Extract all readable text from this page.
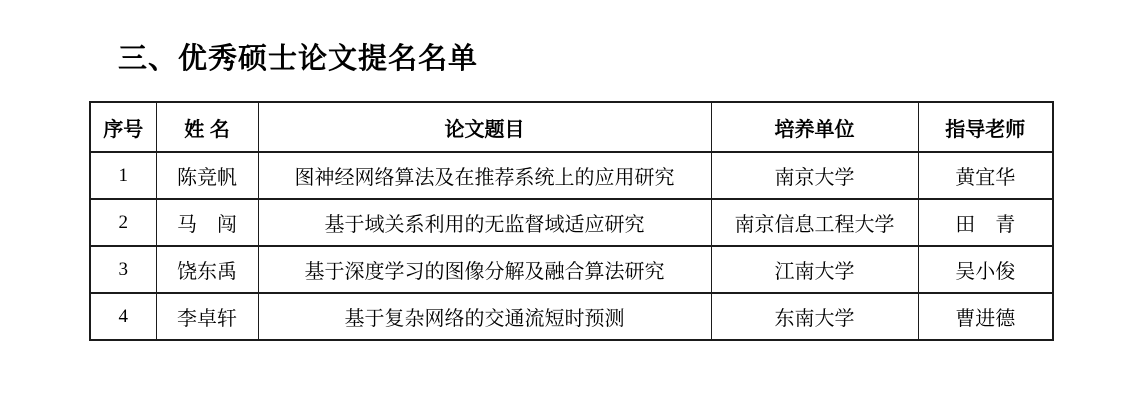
三、优秀硕士论文提名名单
序号	姓 名	论文题目	培养单位	指导老师
1	陈竞帆	图神经网络算法及在推荐系统上的应用研究	南京大学	黄宜华
2	马　闯	基于域关系利用的无监督域适应研究	南京信息工程大学	田　青
3	饶东禹	基于深度学习的图像分解及融合算法研究	江南大学	吴小俊
4	李卓轩	基于复杂网络的交通流短时预测	东南大学	曹进德
